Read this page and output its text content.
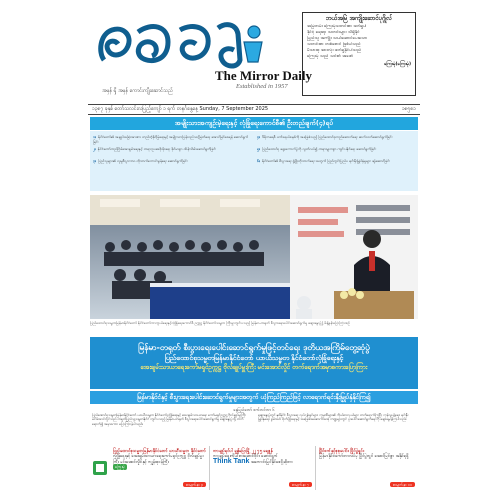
The Mirror Daily
Established in 1957
အမှန် ရှိ အမှန် ကောင်းကျိုးဆောင်သည်
ဘယ်အမြဲ အကျိုးဆောင်ပုဂ္ဂိုလ်
အမြဲတမ်း ကြေးမုံသတင်းစာ ဖတ်ရှုပါ
နိုင်ငံ့ ရေးရာ သတင်းများ သိရှိနိုင်
ပြည်သူ အကျိုး သယ်ဆောင်ပေးသော
သတင်းစာ တစ်စောင် ဖြစ်ပါသည်
မိသားစု အားလုံး ဖတ်ရှုနိုင်ပါသည်
ကြေးမုံ သည် သင်၏ အဖော်
ကြေးမုံ(ကြေးမုံ)
၁၃၈၇ ခုနှစ် တော်သလင်းလပြည့်ကျော် ၁ ရက် တနင်္ဂနွေနေ့ Sunday, 7 September 2025	၁၈၅၈၁
အမျိုးသားအကျဉ်းမဲ့ရေးနှင့် လုံခြုံရေးကောင်စီ၏ ဦးတည်ချက်(၄)ရပ်
၁။ နိုင်ငံတော်၏ အချုပ်အခြာအာဏာ တည်တံ့ခိုင်မြဲရေးနှင့် အမျိုးသားပြန်လည်သင့်မြတ်ရေး အောင်မြင်စေရန် ဆောင်ရွက်ခြင်း
၂။ နိုင်ငံတော်တည်ငြိမ်အေးချမ်းရေးနှင့် တရားဥပဒေစိုးမိုးရေး ခိုင်မာစွာ ထိန်းသိမ်းဆောင်ရွက်ခြင်း
၃။ ပြည်သူများ၏ လူမှုစီးပွားဘဝ တိုးတက်ကောင်းမွန်ရေး ဆောင်ရွက်ခြင်း
၄။ ဒီမိုကရေစီ ဖက်ဒရယ်စနစ်ကို အခြေခံသည့် ပြည်ထောင်စုတည်ဆောက်ရေး ဆက်လက်ဆောင်ရွက်ခြင်း
၅။ ပြည်ထောင်စု ရွေးကောက်ပွဲကို လွတ်လပ်၍ တရားမျှတစွာ ကျင်းပနိုင်ရေး ဆောင်ရွက်ခြင်း
၆။ နိုင်ငံတော်၏ စီးပွားရေး ဖွံ့ဖြိုးတိုးတက်ရေး အတွက် ပြည်တွင်းပြည်ပ ရင်းနှီးမြှုပ်နှံမှုများ ဆွဲဆောင်ခြင်း
ပြည်ထောင်စုသမ္မတမြန်မာနိုင်ငံတော် နိုင်ငံတော်ကာကွယ်ရေးနှင့်လုံခြုံရေးကောင်စီ ဥက္ကဋ္ဌ နိုင်ငံတော်သမ္မတ ကြီးမှူးကျင်းပသည့် မြန်မာ-တရုတ် စီးပွားရေးပေါင်းဆောင်ရွက်မှု ဆွေးနွေးပွဲ၌ မိန့်ခွန်းပြောကြားစဉ်
မြန်မာ-တရုတ် စီးပွားရေးပေါင်းဆောင်ရွက်မှုဖြင့်တင်ရေး ဒုတိယအကြိမ်တွေ့ဆုံပွဲ
ပြည်ထောင်စုသမ္မတမြန်မာနိုင်ငံတော် ယာယီသမ္မတ နိုင်ငံတော်လုံခြုံရေးနှင့်
အေးချမ်းသာယာရေးကော်မရှင်ဥက္ကဋ္ဌ ဗိုလ်ချုပ်မှူးကြီး မင်းအောင်လှိုင် တက်ရောက်အမှာစကားပြောကြား
မြန်မာနိုင်ငံနှင့် စီးပွားရေးပေါင်းဆောင်ရွက်မှုများအတွက် ယုံကြည်ကြည်ဖြင့် လာရောက်ရင်းနှီးမြှုပ်နှံနိုင်ကြ၍
နေပြည်တော် စက်တင်ဘာ ၆
ပြည်ထောင်စုသမ္မတမြန်မာနိုင်ငံတော် ယာယီသမ္မတ နိုင်ငံတော်လုံခြုံရေးနှင့် အေးချမ်းသာယာရေး ကော်မရှင်ဥက္ကဋ္ဌ ဗိုလ်ချုပ်မှူးကြီး မင်းအောင်လှိုင်သည် တရုတ်ပြည်သူ့သမ္မတနိုင်ငံ ကျင်းပသည့် မြန်မာ-တရုတ် စီးပွားရေးပေါင်းဆောင်ရွက်မှု ဆွေးနွေးပွဲသို့ တက်ရောက်၍ အမှာစကား ပြောကြားခဲ့ပါသည်။
ဆွေးနွေးပွဲတွင် နှစ်နိုင်ငံ စီးပွားရေး လုပ်ငန်းရှင်များ၊ ကုမ္ပဏီများ၏ ကိုယ်စားလှယ်များ တက်ရောက်ကြပြီး ကုန်သွယ်ရေး၊ ရင်းနှီးမြှုပ်နှံရေး၊ စွမ်းအင်၊ စိုက်ပျိုးရေးနှင့် အခြေခံအဆောက်အအုံ ကဏ္ဍများတွင် ပူးပေါင်းဆောင်ရွက်ရေးကို ဆွေးနွေးခဲ့ကြပါသည်။
ပြည်ထောင်စုသမ္မတမြန်မာနိုင်ငံတော် ယာယီသမ္မတ နိုင်ငံတော်
လုံခြုံရေးနှင့် အေးချမ်းသာယာရေးကော်မရှင်ဥက္ကဋ္ဌ ဗိုလ်ချုပ်မှူးကြီး မင်းအောင်လှိုင်နှင့် ကျွန်းစုဝန်ကြီး
ကြေးမုံ
စာမျက်နှာ ၃
ကာချုပ်ရင်ပါ ချွန်ပြောမြို့ ၂၂ ၇၅ ရေစွန်
ကာချုပ်ရေးကိုယ်စားဆောင်ဝိုင်း ဆောင်ရွက်
Think Tank အကောင်းမြင်နိုင်စေဖို့ဆိုတာ
စာမျက်နှာ ၇
ပြိုင်ဖက်နှင့်စုစုပေါင်း ပြိုင်ပွဲရှင်း
မြန်မာနိုင်ငံကော်တာလပ်မှ ပြိုင်ပွဲတွင် အောင်မြင်စွာ အနိုင်ရရှိ
စာမျက်နှာ ၁၁
